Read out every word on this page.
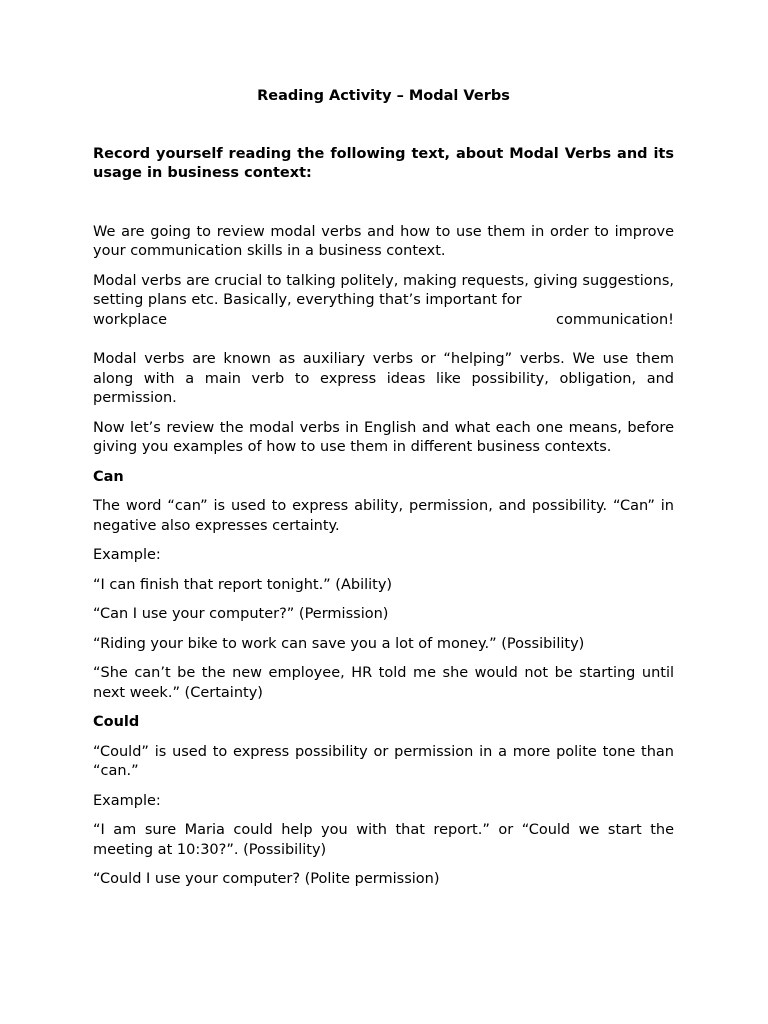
Reading Activity – Modal Verbs

Record yourself reading the following text, about Modal Verbs and its usage in business context:

We are going to review modal verbs and how to use them in order to improve your communication skills in a business context.

Modal verbs are crucial to talking politely, making requests, giving suggestions, setting plans etc. Basically, everything that’s important for

workplace	communication!

Modal verbs are known as auxiliary verbs or “helping” verbs. We use them along with a main verb to express ideas like possibility, obligation, and permission.

Now let’s review the modal verbs in English and what each one means, before giving you examples of how to use them in different business contexts.

Can

The word “can” is used to express ability, permission, and possibility. “Can” in negative also expresses certainty.

Example:

“I can finish that report tonight.” (Ability)

“Can I use your computer?” (Permission)

“Riding your bike to work can save you a lot of money.” (Possibility)

“She can’t be the new employee, HR told me she would not be starting until next week.” (Certainty)

Could

“Could” is used to express possibility or permission in a more polite tone than “can.”

Example:

“I am sure Maria could help you with that report.” or “Could we start the meeting at 10:30?”. (Possibility)

“Could I use your computer? (Polite permission)
